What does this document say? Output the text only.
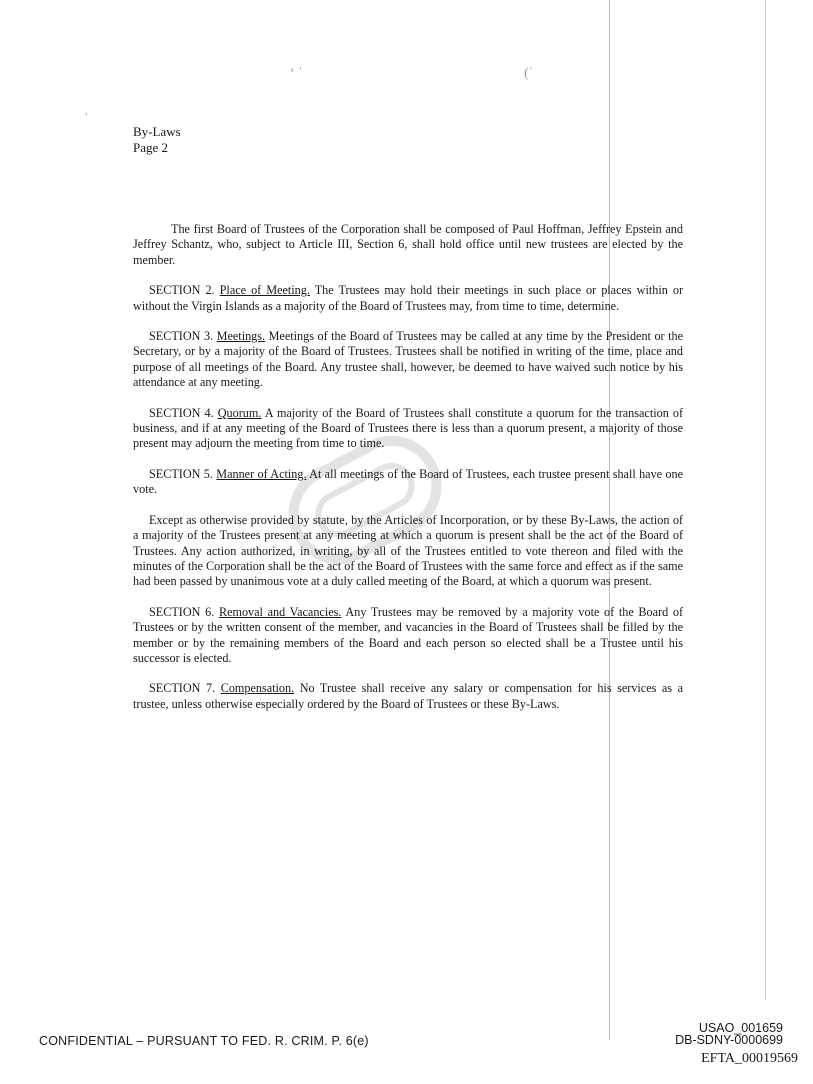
‘ ˈ	(ˈ
·
By-Laws
Page 2

The first Board of Trustees of the Corporation shall be composed of Paul Hoffman, Jeffrey Epstein and Jeffrey Schantz, who, subject to Article III, Section 6, shall hold office until new trustees are elected by the member.

SECTION 2. Place of Meeting. The Trustees may hold their meetings in such place or places within or without the Virgin Islands as a majority of the Board of Trustees may, from time to time, determine.

SECTION 3. Meetings. Meetings of the Board of Trustees may be called at any time by the President or the Secretary, or by a majority of the Board of Trustees. Trustees shall be notified in writing of the time, place and purpose of all meetings of the Board. Any trustee shall, however, be deemed to have waived such notice by his attendance at any meeting.

SECTION 4. Quorum. A majority of the Board of Trustees shall constitute a quorum for the transaction of business, and if at any meeting of the Board of Trustees there is less than a quorum present, a majority of those present may adjourn the meeting from time to time.

SECTION 5. Manner of Acting. At all meetings of the Board of Trustees, each trustee present shall have one vote.

Except as otherwise provided by statute, by the Articles of Incorporation, or by these By-Laws, the action of a majority of the Trustees present at any meeting at which a quorum is present shall be the act of the Board of Trustees. Any action authorized, in writing, by all of the Trustees entitled to vote thereon and filed with the minutes of the Corporation shall be the act of the Board of Trustees with the same force and effect as if the same had been passed by unanimous vote at a duly called meeting of the Board, at which a quorum was present.

SECTION 6. Removal and Vacancies. Any Trustees may be removed by a majority vote of the Board of Trustees or by the written consent of the member, and vacancies in the Board of Trustees shall be filled by the member or by the remaining members of the Board and each person so elected shall be a Trustee until his successor is elected.

SECTION 7. Compensation. No Trustee shall receive any salary or compensation for his services as a trustee, unless otherwise especially ordered by the Board of Trustees or these By-Laws.

CONFIDENTIAL – PURSUANT TO FED. R. CRIM. P. 6(e)
USAO_001659
DB-SDNY-0000699
EFTA_00019569
